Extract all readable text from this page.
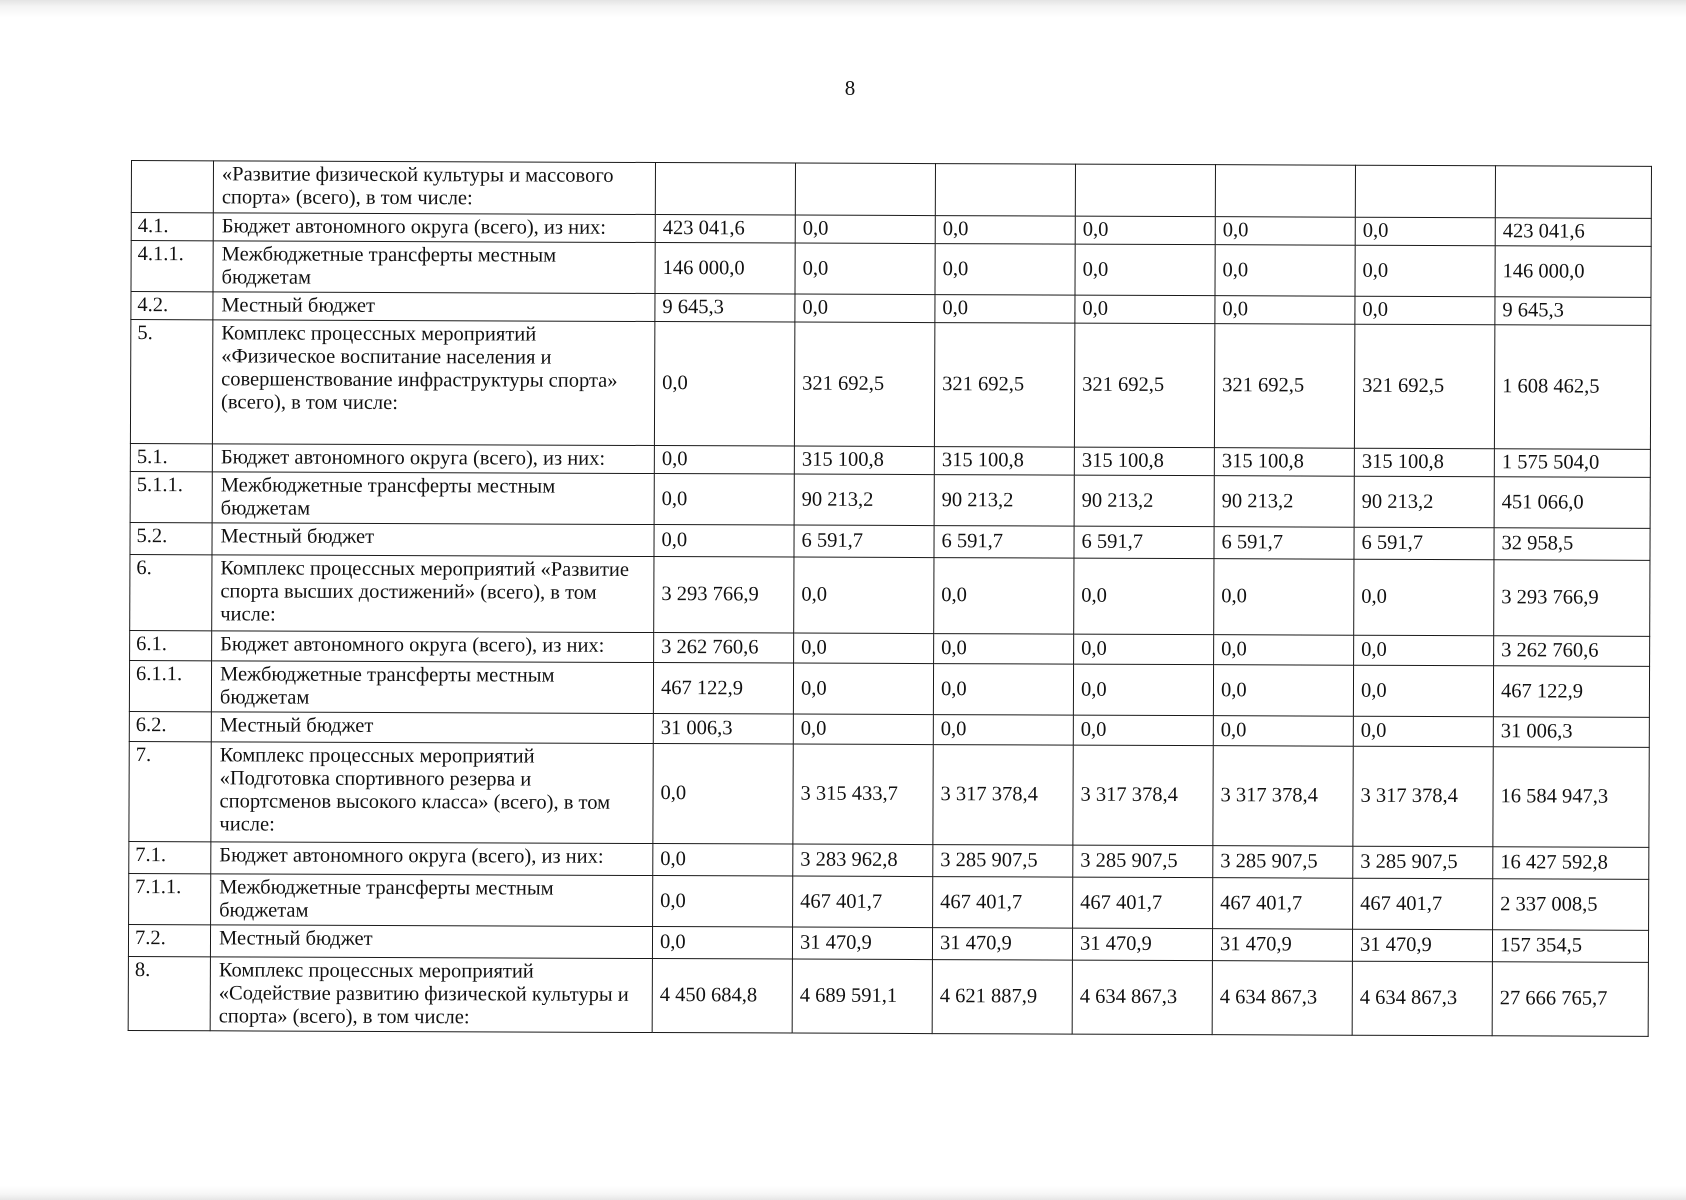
8
	«Развитие физической культуры и массового спорта» (всего), в том числе:							
4.1.	Бюджет автономного округа (всего), из них:	423 041,6	0,0	0,0	0,0	0,0	0,0	423 041,6
4.1.1.	Межбюджетные трансферты местным бюджетам	146 000,0	0,0	0,0	0,0	0,0	0,0	146 000,0
4.2.	Местный бюджет	9 645,3	0,0	0,0	0,0	0,0	0,0	9 645,3
5.	Комплекс процессных мероприятий «Физическое воспитание населения и совершенствование инфраструктуры спорта» (всего), в том числе:	0,0	321 692,5	321 692,5	321 692,5	321 692,5	321 692,5	1 608 462,5
5.1.	Бюджет автономного округа (всего), из них:	0,0	315 100,8	315 100,8	315 100,8	315 100,8	315 100,8	1 575 504,0
5.1.1.	Межбюджетные трансферты местным бюджетам	0,0	90 213,2	90 213,2	90 213,2	90 213,2	90 213,2	451 066,0
5.2.	Местный бюджет	0,0	6 591,7	6 591,7	6 591,7	6 591,7	6 591,7	32 958,5
6.	Комплекс процессных мероприятий «Развитие спорта высших достижений» (всего), в том числе:	3 293 766,9	0,0	0,0	0,0	0,0	0,0	3 293 766,9
6.1.	Бюджет автономного округа (всего), из них:	3 262 760,6	0,0	0,0	0,0	0,0	0,0	3 262 760,6
6.1.1.	Межбюджетные трансферты местным бюджетам	467 122,9	0,0	0,0	0,0	0,0	0,0	467 122,9
6.2.	Местный бюджет	31 006,3	0,0	0,0	0,0	0,0	0,0	31 006,3
7.	Комплекс процессных мероприятий «Подготовка спортивного резерва и спортсменов высокого класса» (всего), в том числе:	0,0	3 315 433,7	3 317 378,4	3 317 378,4	3 317 378,4	3 317 378,4	16 584 947,3
7.1.	Бюджет автономного округа (всего), из них:	0,0	3 283 962,8	3 285 907,5	3 285 907,5	3 285 907,5	3 285 907,5	16 427 592,8
7.1.1.	Межбюджетные трансферты местным бюджетам	0,0	467 401,7	467 401,7	467 401,7	467 401,7	467 401,7	2 337 008,5
7.2.	Местный бюджет	0,0	31 470,9	31 470,9	31 470,9	31 470,9	31 470,9	157 354,5
8.	Комплекс процессных мероприятий «Содействие развитию физической культуры и спорта» (всего), в том числе:	4 450 684,8	4 689 591,1	4 621 887,9	4 634 867,3	4 634 867,3	4 634 867,3	27 666 765,7
